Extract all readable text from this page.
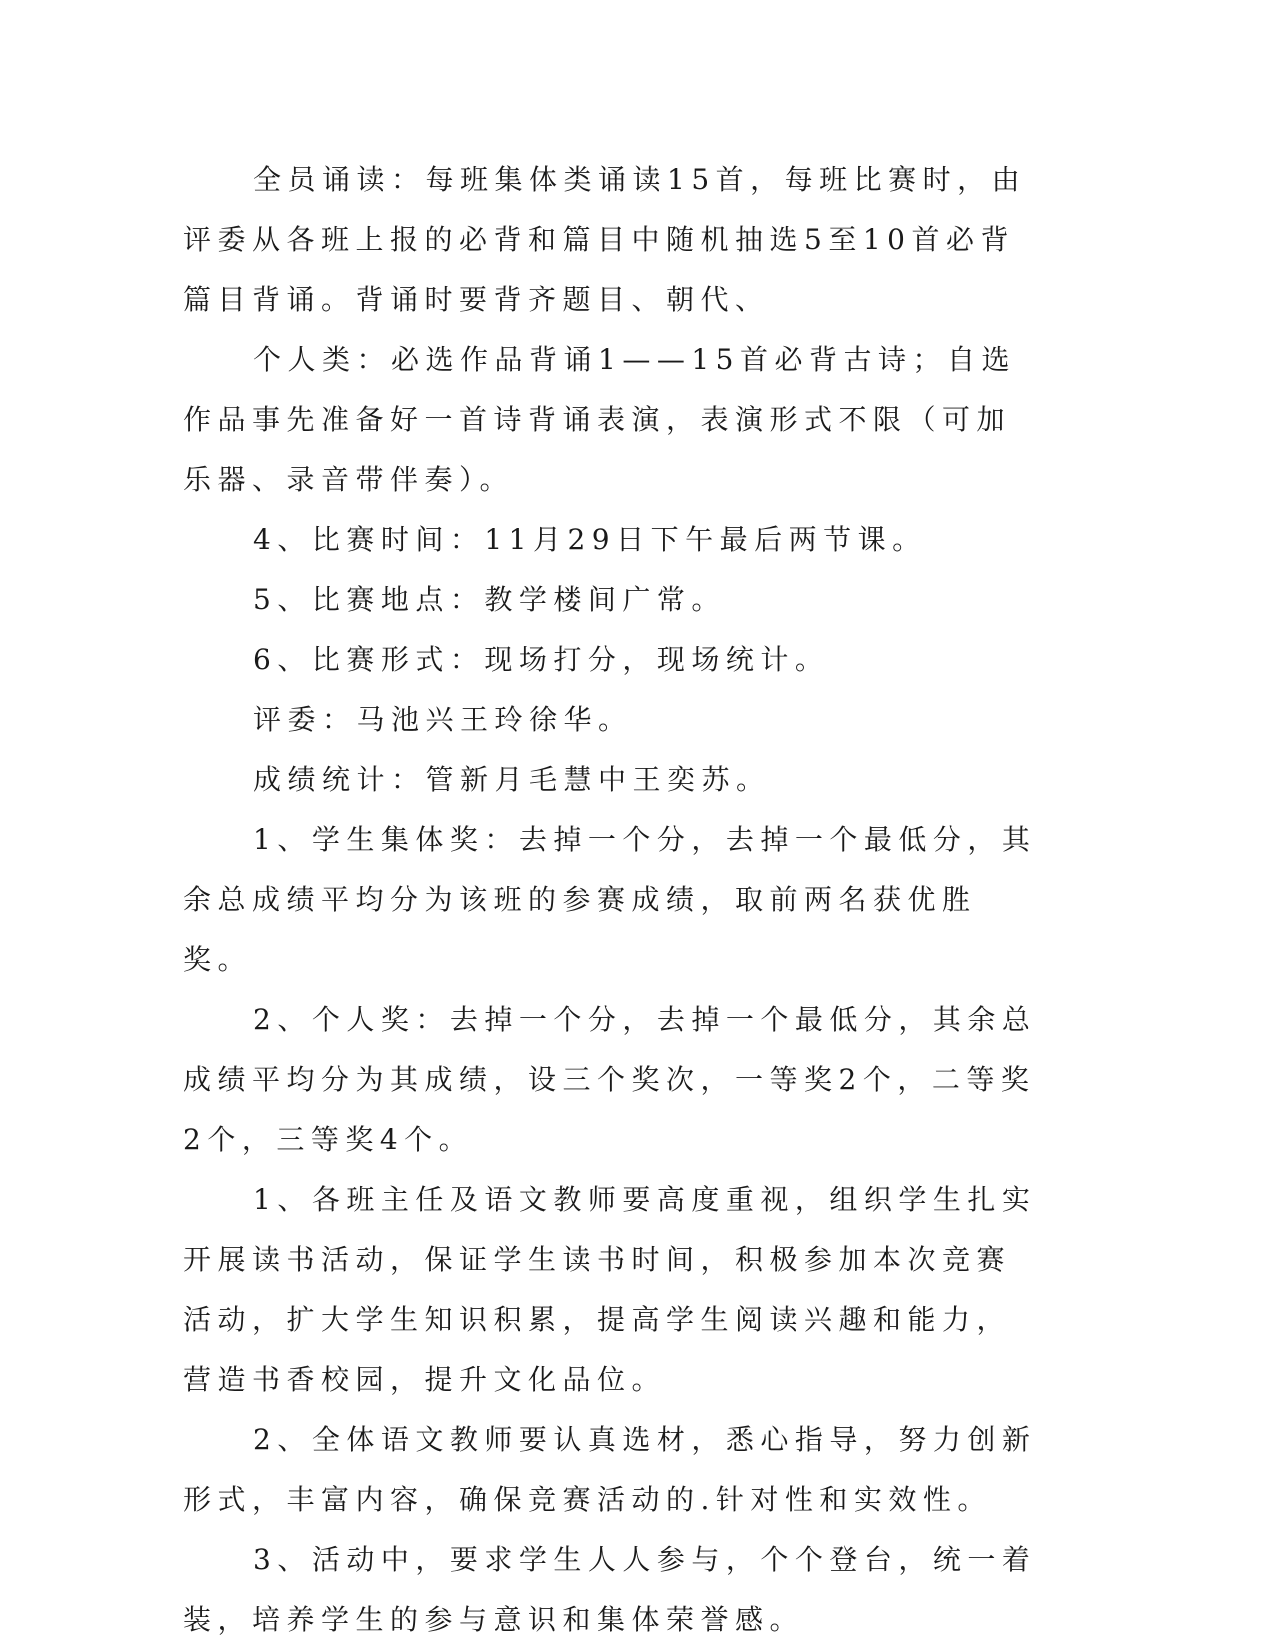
全员诵读：每班集体类诵读15首，每班比赛时，由评委从各班上报的必背和篇目中随机抽选5至10首必背篇目背诵。背诵时要背齐题目、朝代、

个人类：必选作品背诵1——15首必背古诗；自选作品事先准备好一首诗背诵表演，表演形式不限（可加乐器、录音带伴奏）。

4、比赛时间：11月29日下午最后两节课。

5、比赛地点：教学楼间广常。

6、比赛形式：现场打分，现场统计。

评委：马池兴王玲徐华。

成绩统计：管新月毛慧中王奕苏。

1、学生集体奖：去掉一个分，去掉一个最低分，其余总成绩平均分为该班的参赛成绩，取前两名获优胜奖。

2、个人奖：去掉一个分，去掉一个最低分，其余总成绩平均分为其成绩，设三个奖次，一等奖2个，二等奖2个，三等奖4个。

1、各班主任及语文教师要高度重视，组织学生扎实开展读书活动，保证学生读书时间，积极参加本次竞赛活动，扩大学生知识积累，提高学生阅读兴趣和能力，营造书香校园，提升文化品位。

2、全体语文教师要认真选材，悉心指导，努力创新形式，丰富内容，确保竞赛活动的.针对性和实效性。

3、活动中，要求学生人人参与，个个登台，统一着装，培养学生的参与意识和集体荣誉感。
